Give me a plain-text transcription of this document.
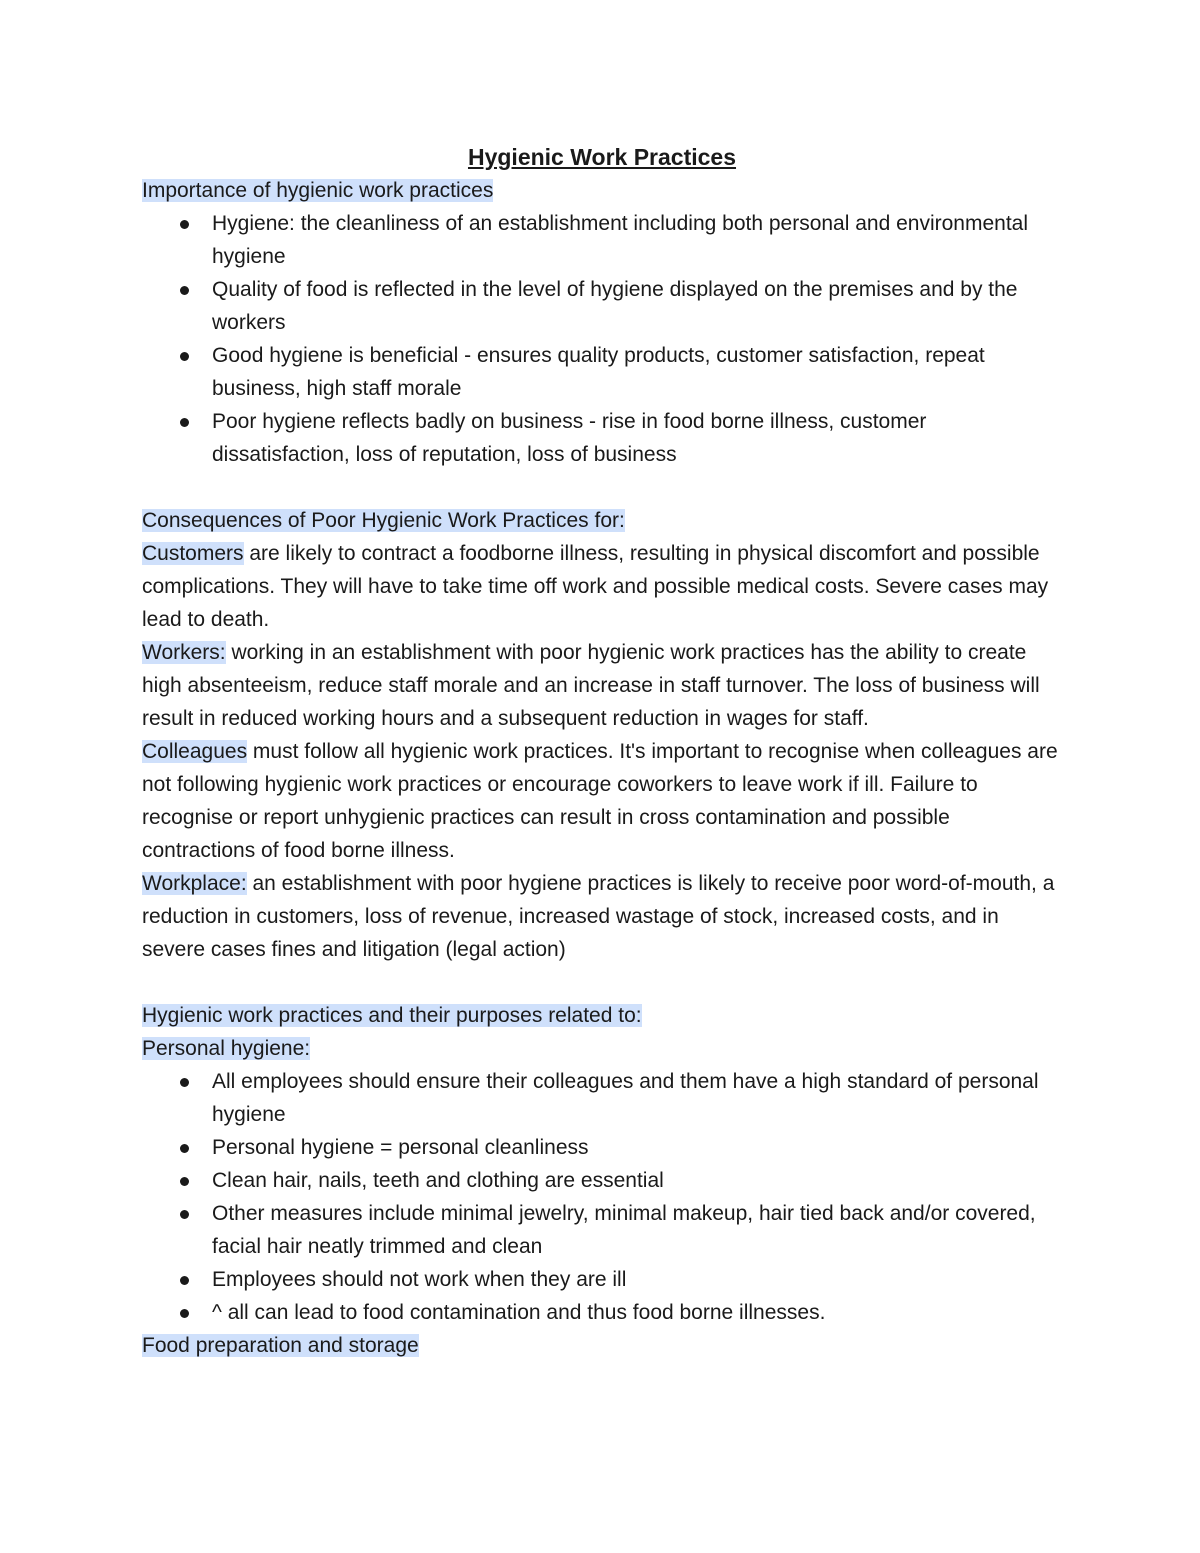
Hygienic Work Practices

Importance of hygienic work practices

Hygiene: the cleanliness of an establishment including both personal and environmental hygiene
Quality of food is reflected in the level of hygiene displayed on the premises and by the workers
Good hygiene is beneficial - ensures quality products, customer satisfaction, repeat business, high staff morale
Poor hygiene reflects badly on business - rise in food borne illness, customer dissatisfaction, loss of reputation, loss of business

Consequences of Poor Hygienic Work Practices for:

Customers are likely to contract a foodborne illness, resulting in physical discomfort and possible complications. They will have to take time off work and possible medical costs. Severe cases may lead to death.

Workers: working in an establishment with poor hygienic work practices has the ability to create high absenteeism, reduce staff morale and an increase in staff turnover. The loss of business will result in reduced working hours and a subsequent reduction in wages for staff.

Colleagues must follow all hygienic work practices. It's important to recognise when colleagues are not following hygienic work practices or encourage coworkers to leave work if ill. Failure to recognise or report unhygienic practices can result in cross contamination and possible contractions of food borne illness.

Workplace: an establishment with poor hygiene practices is likely to receive poor word-of-mouth, a reduction in customers, loss of revenue, increased wastage of stock, increased costs, and in severe cases fines and litigation (legal action)

Hygienic work practices and their purposes related to:

Personal hygiene:

All employees should ensure their colleagues and them have a high standard of personal hygiene
Personal hygiene = personal cleanliness
Clean hair, nails, teeth and clothing are essential
Other measures include minimal jewelry, minimal makeup, hair tied back and/or covered, facial hair neatly trimmed and clean
Employees should not work when they are ill
^ all can lead to food contamination and thus food borne illnesses.

Food preparation and storage
